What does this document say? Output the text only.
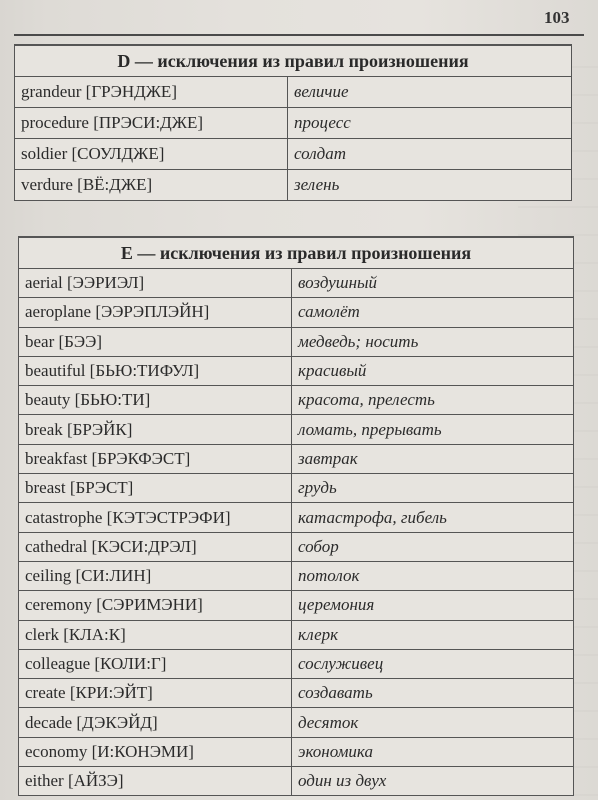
103
D — исключения из правил произношения	
grandeur [ГРЭНДЖЕ]	величие
procedure [ПРЭСИ:ДЖЕ]	процесс
soldier [СОУЛДЖЕ]	солдат
verdure [ВЁ:ДЖЕ]	зелень
E — исключения из правил произношения	
aerial [ЭЭРИЭЛ]	воздушный
aeroplane [ЭЭРЭПЛЭЙН]	самолёт
bear [БЭЭ]	медведь; носить
beautiful [БЬЮ:ТИФУЛ]	красивый
beauty [БЬЮ:ТИ]	красота, прелесть
break [БРЭЙК]	ломать, прерывать
breakfast [БРЭКФЭСТ]	завтрак
breast [БРЭСТ]	грудь
catastrophe [КЭТЭСТРЭФИ]	катастрофа, гибель
cathedral [КЭСИ:ДРЭЛ]	собор
ceiling [СИ:ЛИН]	потолок
ceremony [СЭРИМЭНИ]	церемония
clerk [КЛА:К]	клерк
colleague [КОЛИ:Г]	сослуживец
create [КРИ:ЭЙТ]	создавать
decade [ДЭКЭЙД]	десяток
economy [И:КОНЭМИ]	экономика
either [АЙЗЭ]	один из двух
